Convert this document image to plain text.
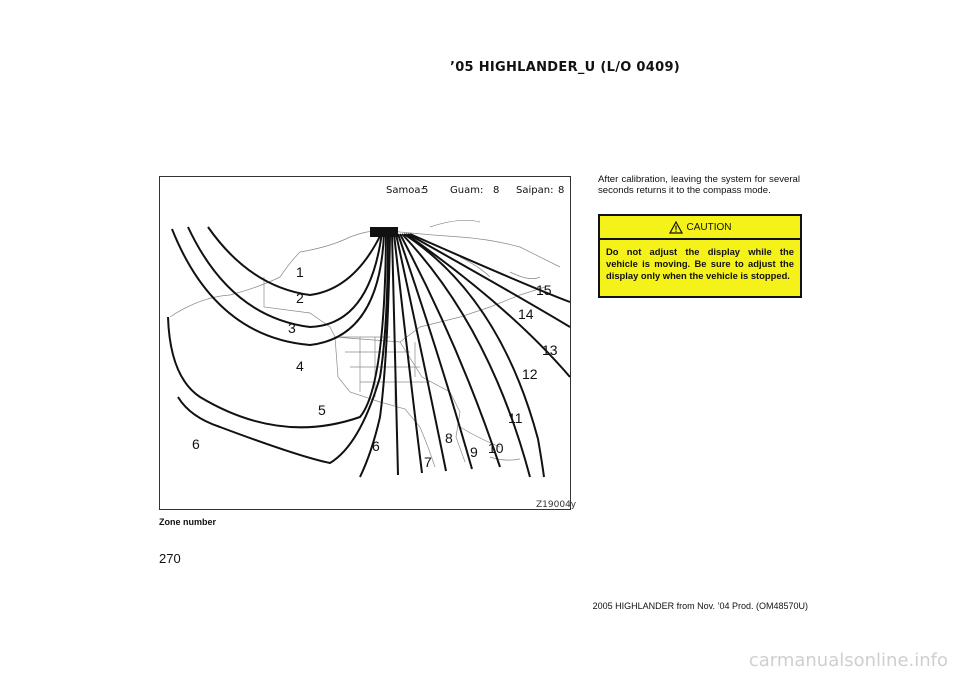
’05 HIGHLANDER_U (L/O 0409)
Samoa:
5 Guam: 8 Saipan: 8
1
2
3
4
5
6	6
7
8
9 10
11
12
13
14
15
Z19004y
Zone number
270
After calibration, leaving the system for several seconds returns it to the compass mode.
CAUTION
Do not adjust the display while the vehicle is moving. Be sure to adjust the display only when the vehicle is stopped.
2005 HIGHLANDER from Nov. ’04 Prod. (OM48570U)
carmanualsonline.info
